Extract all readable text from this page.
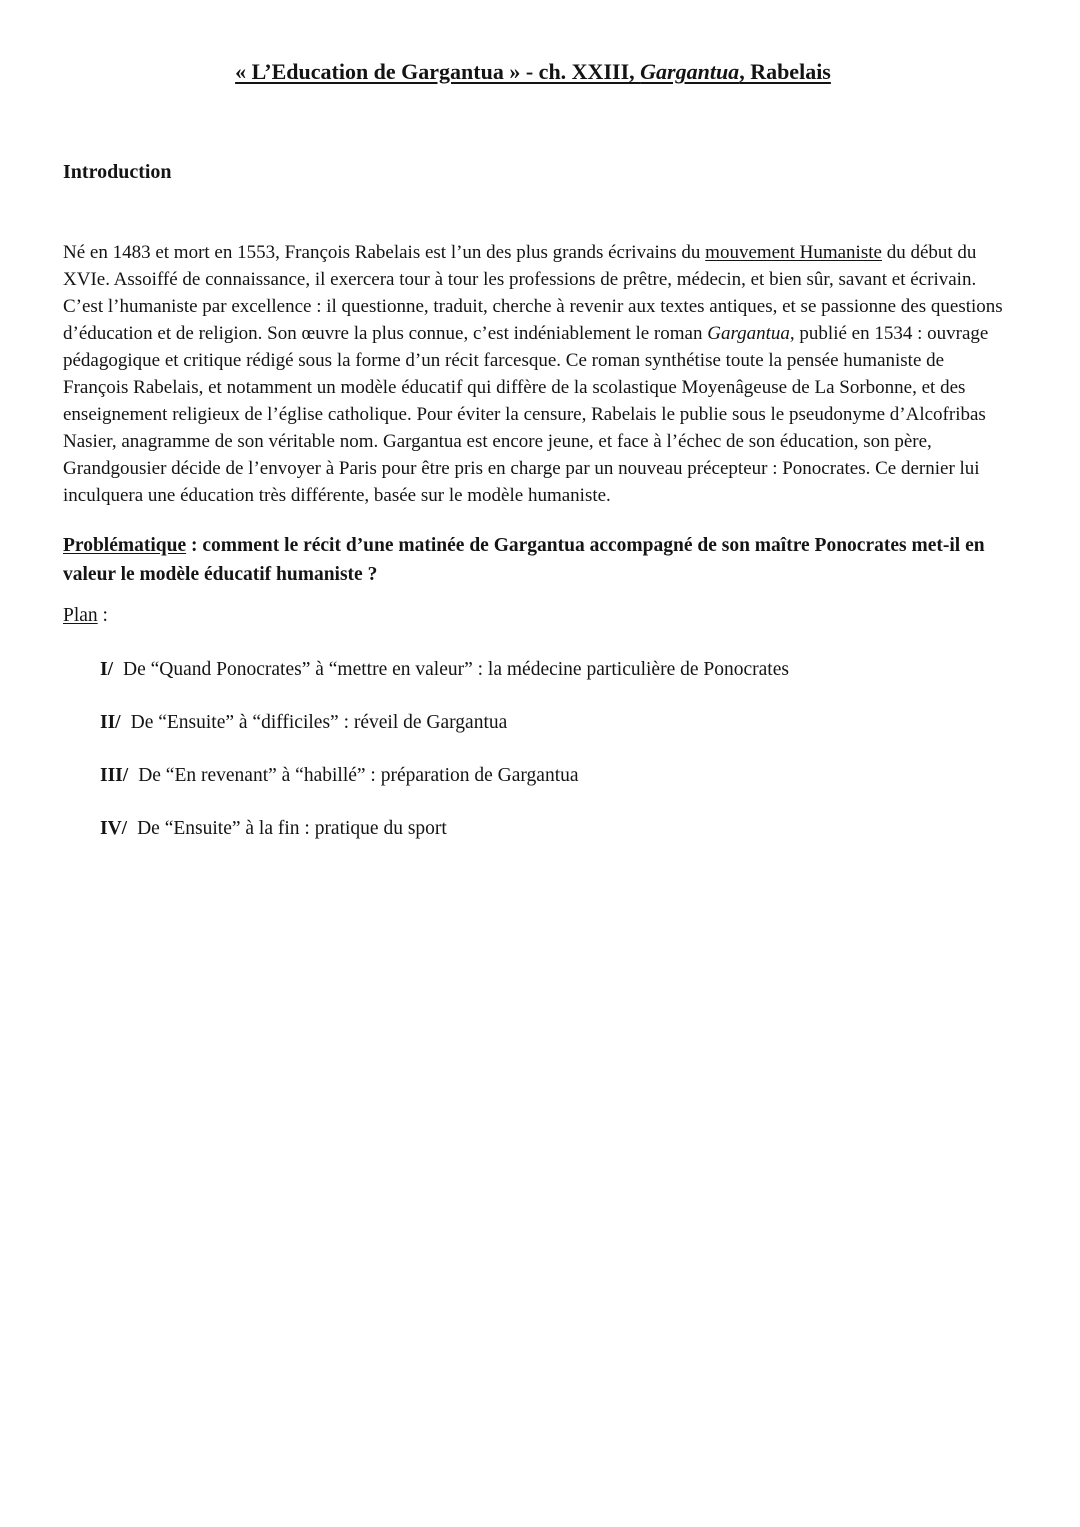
« L’Education de Gargantua » - ch. XXIII, Gargantua, Rabelais
Introduction

Né en 1483 et mort en 1553, François Rabelais est l’un des plus grands écrivains du mouvement Humaniste du début du XVIe. Assoiffé de connaissance, il exercera tour à tour les professions de prêtre, médecin, et bien sûr, savant et écrivain. C’est l’humaniste par excellence : il questionne, traduit, cherche à revenir aux textes antiques, et se passionne des questions d’éducation et de religion. Son œuvre la plus connue, c’est indéniablement le roman Gargantua, publié en 1534 : ouvrage pédagogique et critique rédigé sous la forme d’un récit farcesque. Ce roman synthétise toute la pensée humaniste de François Rabelais, et notamment un modèle éducatif qui diffère de la scolastique Moyenâgeuse de La Sorbonne, et des enseignement religieux de l’église catholique. Pour éviter la censure, Rabelais le publie sous le pseudonyme d’Alcofribas Nasier, anagramme de son véritable nom. Gargantua est encore jeune, et face à l’échec de son éducation, son père, Grandgousier décide de l’envoyer à Paris pour être pris en charge par un nouveau précepteur : Ponocrates. Ce dernier lui inculquera une éducation très différente, basée sur le modèle humaniste.

Problématique : comment le récit d’une matinée de Gargantua accompagné de son maître Ponocrates met-il en valeur le modèle éducatif humaniste ?

Plan :

I/ De “Quand Ponocrates” à “mettre en valeur” : la médecine particulière de Ponocrates
II/ De “Ensuite” à “difficiles” : réveil de Gargantua
III/ De “En revenant” à “habillé” : préparation de Gargantua
IV/ De “Ensuite” à la fin : pratique du sport
